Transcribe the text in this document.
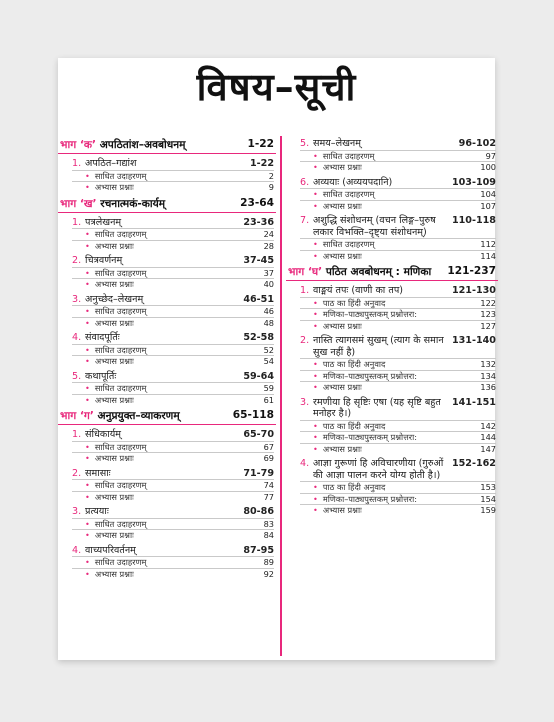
विषय–सूची
भाग ‘क’ अपठितांश–अवबोधनम्	1-22
1. अपठित–गद्यांश	1-22
• साधित उदाहरणम्	2
• अभ्यास प्रश्नाः	9
भाग ‘ख’ रचनात्मकं-कार्यम्	23-64
1. पत्रलेखनम्	23-36
• साधित उदाहरणम्	24
• अभ्यास प्रश्नाः	28
2. चित्रवर्णनम्	37-45
• साधित उदाहरणम्	37
• अभ्यास प्रश्नाः	40
3. अनुच्छेद–लेखनम्	46-51
• साधित उदाहरणम्	46
• अभ्यास प्रश्नाः	48
4. संवादपूर्तिः	52-58
• साधित उदाहरणम्	52
• अभ्यास प्रश्नाः	54
5. कथापूर्तिः	59-64
• साधित उदाहरणम्	59
• अभ्यास प्रश्नाः	61
भाग ‘ग’ अनुप्रयुक्त–व्याकरणम्	65-118
1. संधिकार्यम्	65-70
• साधित उदाहरणम्	67
• अभ्यास प्रश्नाः	69
2. समासाः	71-79
• साधित उदाहरणम्	74
• अभ्यास प्रश्नाः	77
3. प्रत्ययाः	80-86
• साधित उदाहरणम्	83
• अभ्यास प्रश्नाः	84
4. वाच्यपरिवर्तनम्	87-95
• साधित उदाहरणम्	89
• अभ्यास प्रश्नाः	92
5. समय–लेखनम्	96-102
• साधित उदाहरणम्	97
• अभ्यास प्रश्नाः	100
6. अव्ययाः (अव्ययपदानि)	103-109
• साधित उदाहरणम्	104
• अभ्यास प्रश्नाः	107
7. अशुद्धि संशोधनम् (वचन लिङ्ग–पुरुष लकार विभक्ति–दृष्ट्या संशोधनम्)
110-118
• साधित उदाहरणम्	112
• अभ्यास प्रश्नाः	114
भाग ‘घ’ पठित अवबोधनम् : मणिका 121-237
1. वाङ्मयं तपः (वाणी का तप)	121-130
• पाठ का हिंदी अनुवाद	122
• मणिका–पाठ्यपुस्तकम् प्रश्नोत्तरा:	123
• अभ्यास प्रश्नाः	127
2. नास्ति त्यागसमं सुखम् (त्याग के समान सुख नहीं है)
131-140
• पाठ का हिंदी अनुवाद	132
• मणिका–पाठ्यपुस्तकम् प्रश्नोत्तरा:	134
• अभ्यास प्रश्नाः	136
3. रमणीया हि सृष्टिः एषा (यह सृष्टि बहुत मनोहर है।)
141-151
• पाठ का हिंदी अनुवाद	142
• मणिका–पाठ्यपुस्तकम् प्रश्नोत्तरा:	144
• अभ्यास प्रश्नाः	147
4. आज्ञा गुरूणां हि अविचारणीया (गुरुओं की आज्ञा पालन करने योग्य होती है।)
152-162
• पाठ का हिंदी अनुवाद	153
• मणिका–पाठ्यपुस्तकम् प्रश्नोत्तरा:	154
• अभ्यास प्रश्नाः	159
